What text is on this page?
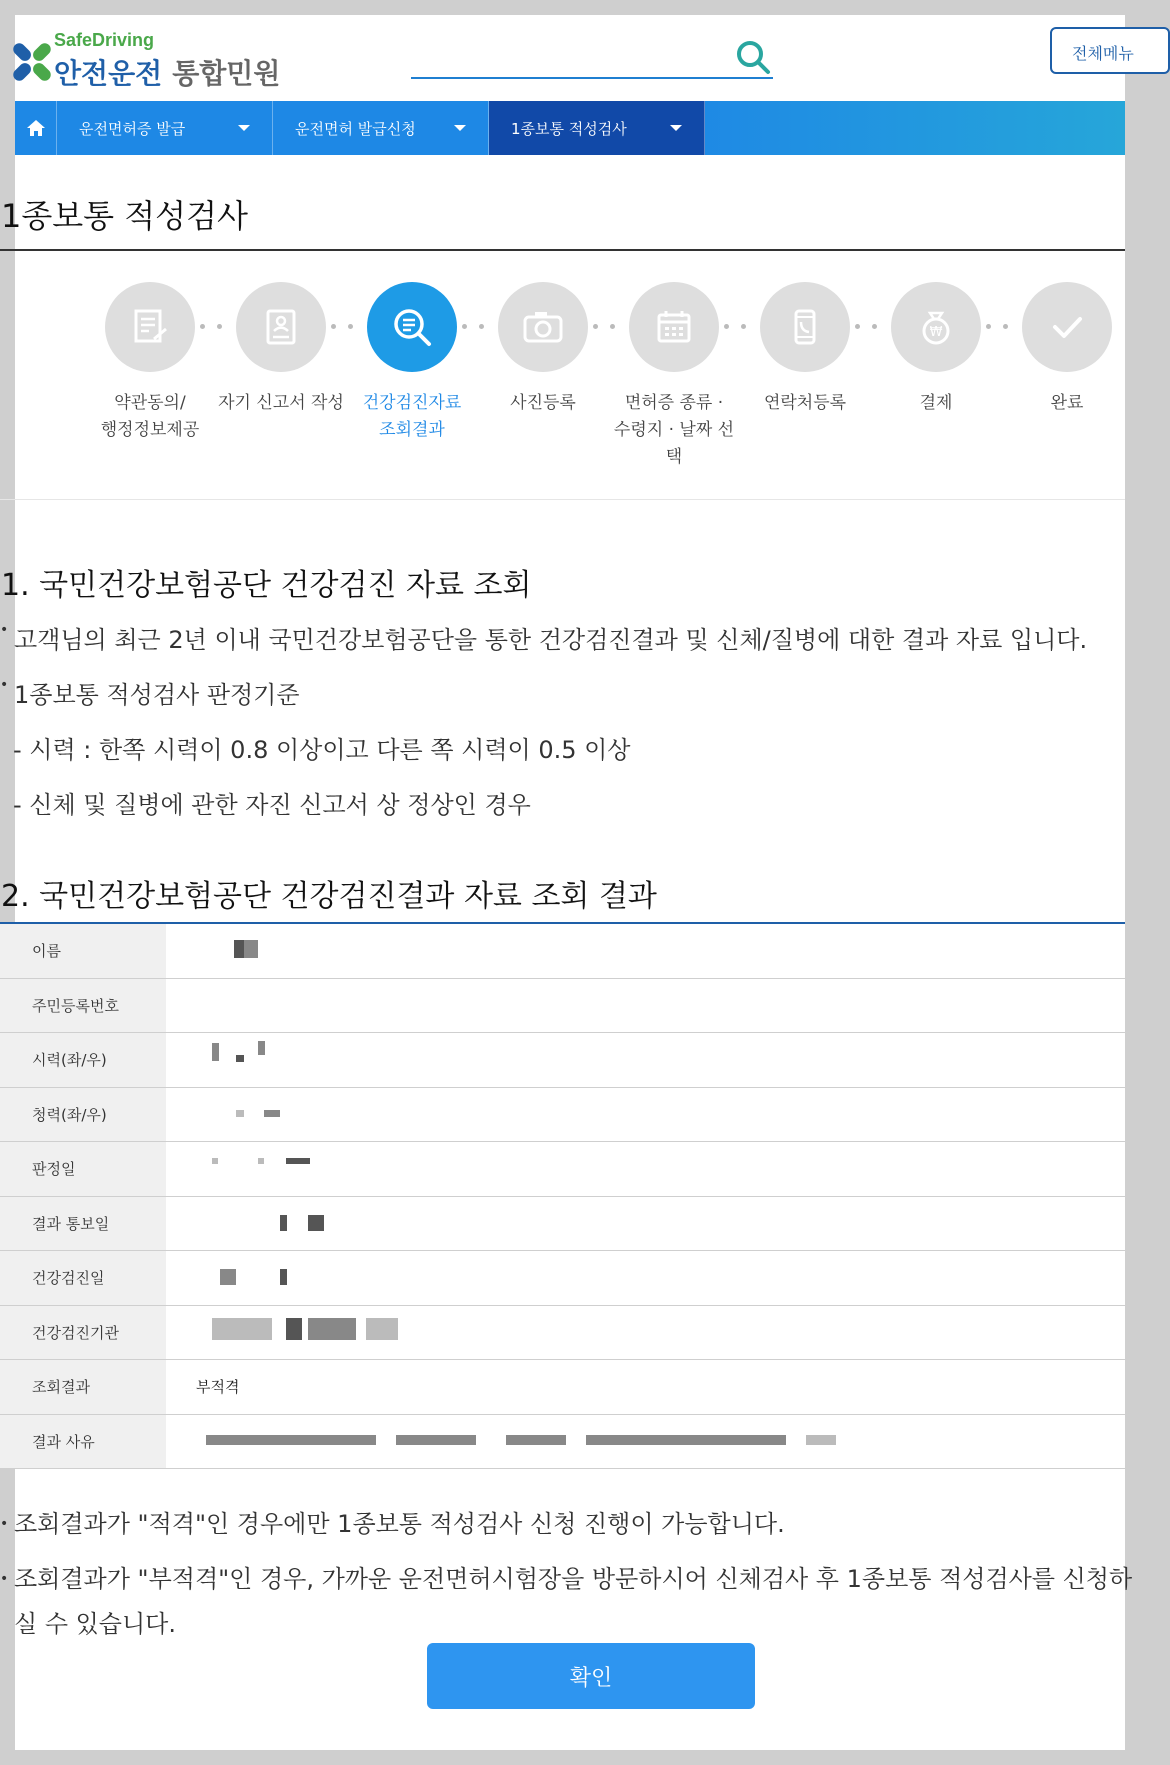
SafeDriving
안전운전 통합민원
전체메뉴
운전면허증 발급	운전면허 발급신청	1종보통 적성검사
1종보통 적성검사
약관동의/
행정정보제공
자기 신고서 작성	건강검진자료
조회결과
사진등록	면허증 종류 ·
수령지 · 날짜 선택
연락처등록
₩
결제	완료
1. 국민건강보험공단 건강검진 자료 조회
• 고객님의 최근 2년 이내 국민건강보험공단을 통한 건강검진결과 및 신체/질병에 대한 결과 자료 입니다.
• 1종보통 적성검사 판정기준
- 시력 : 한쪽 시력이 0.8 이상이고 다른 쪽 시력이 0.5 이상
- 신체 및 질병에 관한 자진 신고서 상 정상인 경우
2. 국민건강보험공단 건강검진결과 자료 조회 결과
이름
주민등록번호
시력(좌/우)
청력(좌/우)
판정일
결과 통보일
건강검진일
건강검진기관
조회결과	부적격
결과 사유
• 조회결과가 "적격"인 경우에만 1종보통 적성검사 신청 진행이 가능합니다.
• 조회결과가 "부적격"인 경우, 가까운 운전면허시험장을 방문하시어 신체검사 후 1종보통 적성검사를 신청하실 수 있습니다.
확인
